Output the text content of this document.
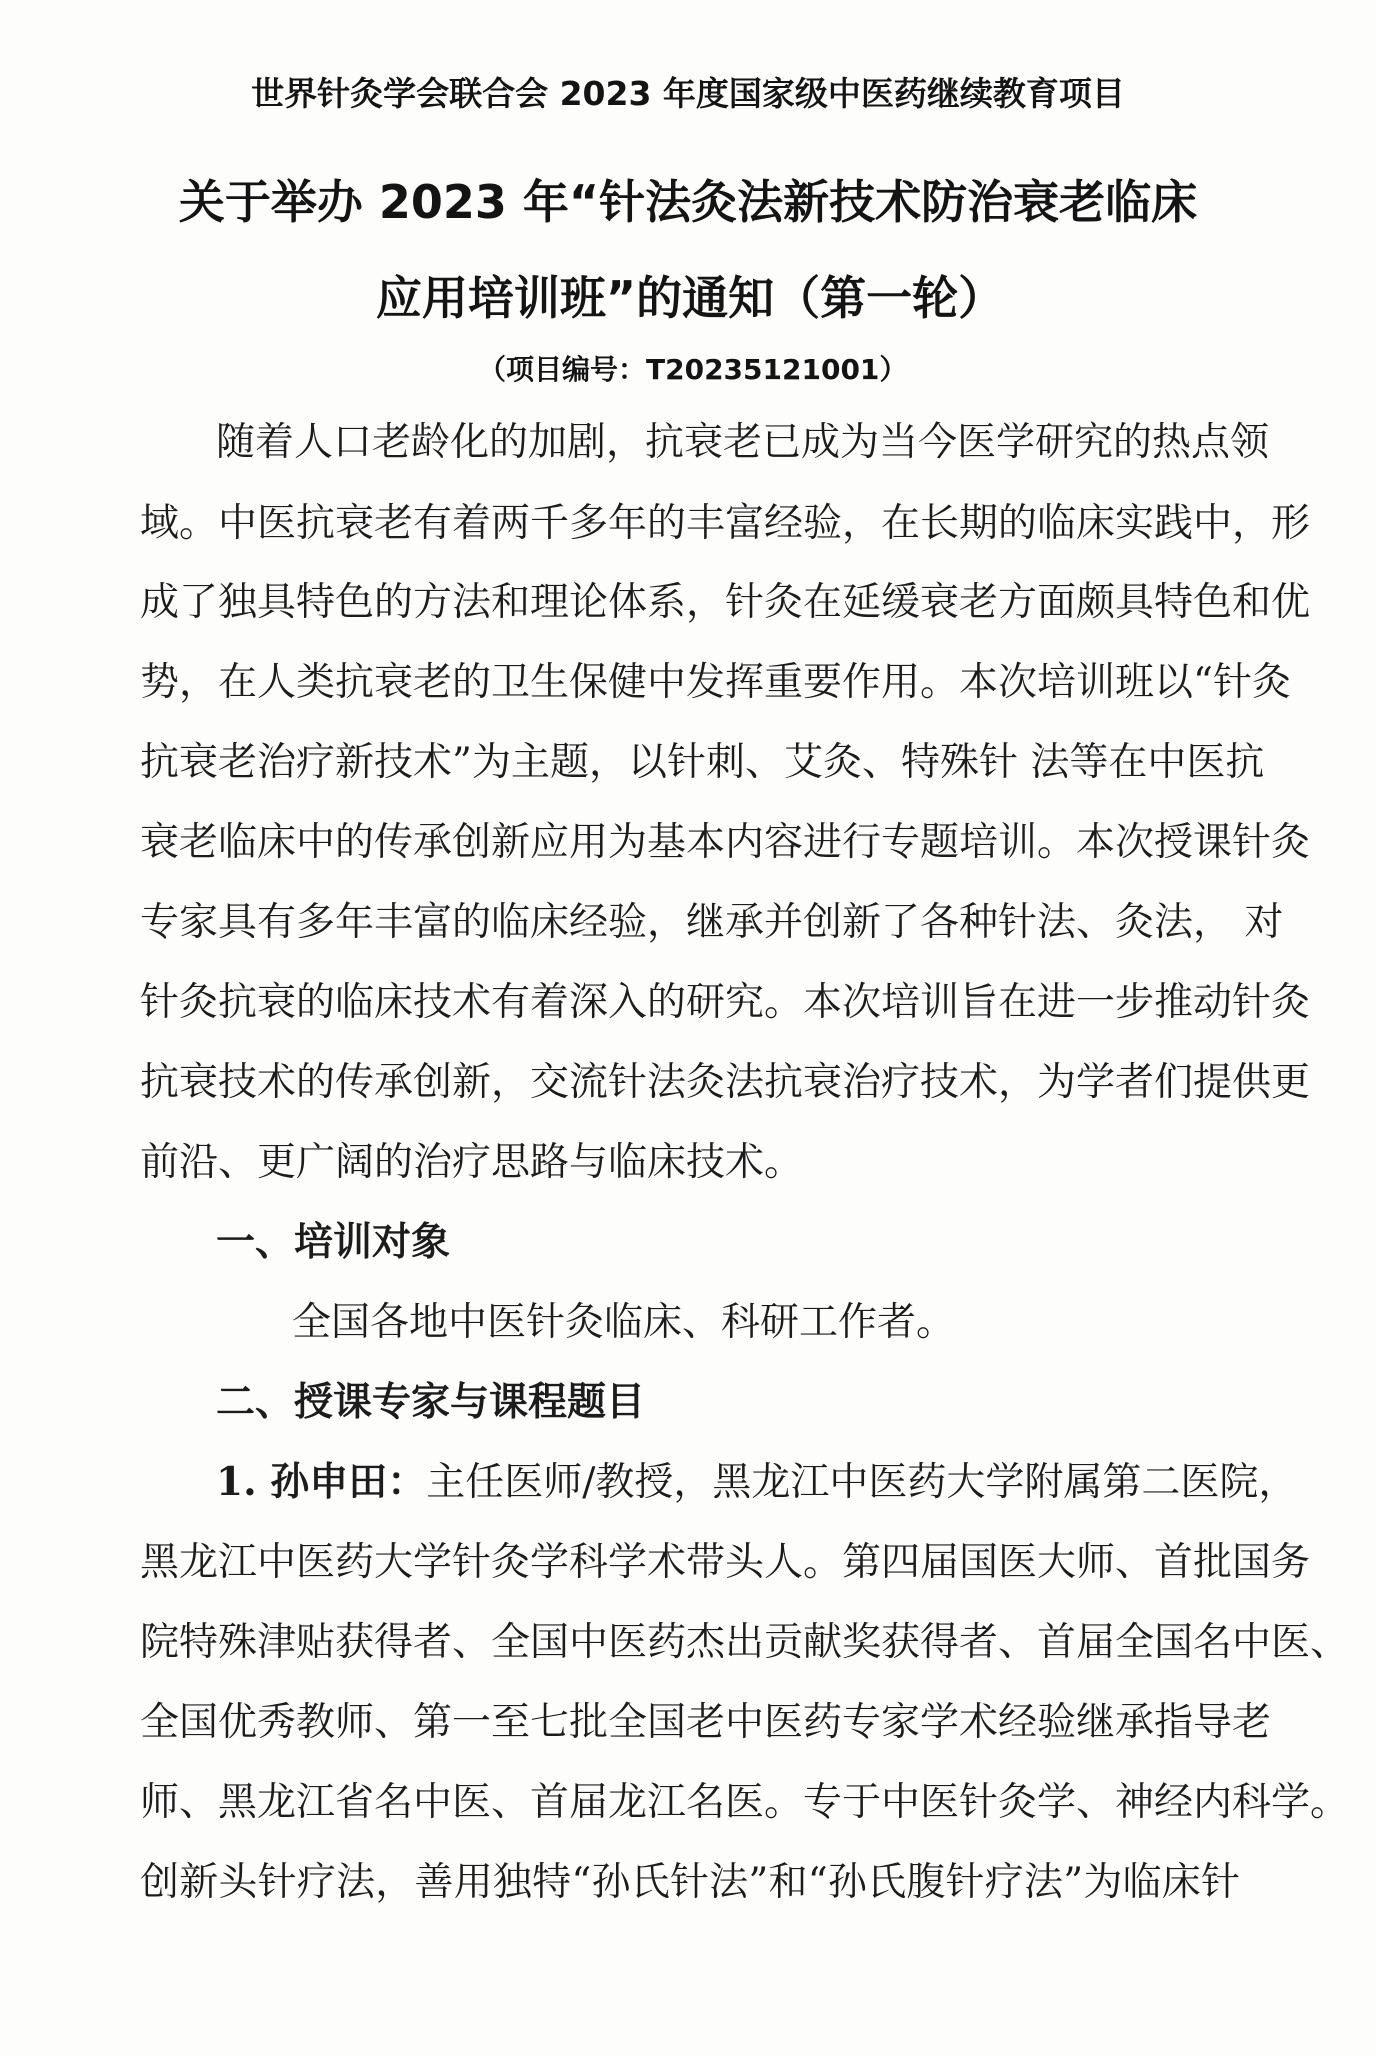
世界针灸学会联合会 2023 年度国家级中医药继续教育项目
关于举办 2023 年“针法灸法新技术防治衰老临床
应用培训班”的通知（第一轮）
（项目编号：T20235121001）
随着人口老龄化的加剧，抗衰老已成为当今医学研究的热点领
域。中医抗衰老有着两千多年的丰富经验，在长期的临床实践中，形
成了独具特色的方法和理论体系，针灸在延缓衰老方面颇具特色和优
势，在人类抗衰老的卫生保健中发挥重要作用。本次培训班以“针灸
抗衰老治疗新技术”为主题，以针刺、艾灸、特殊针 法等在中医抗
衰老临床中的传承创新应用为基本内容进行专题培训。本次授课针灸
专家具有多年丰富的临床经验，继承并创新了各种针法、灸法， 对
针灸抗衰的临床技术有着深入的研究。本次培训旨在进一步推动针灸
抗衰技术的传承创新，交流针法灸法抗衰治疗技术，为学者们提供更
前沿、更广阔的治疗思路与临床技术。
一、培训对象
全国各地中医针灸临床、科研工作者。
二、授课专家与课程题目
1. 孙申田： 主任医师/教授，黑龙江中医药大学附属第二医院，
黑龙江中医药大学针灸学科学术带头人。第四届国医大师、首批国务
院特殊津贴获得者、全国中医药杰出贡献奖获得者、首届全国名中医、
全国优秀教师、第一至七批全国老中医药专家学术经验继承指导老
师、黑龙江省名中医、首届龙江名医。专于中医针灸学、神经内科学。
创新头针疗法，善用独特“孙氏针法”和“孙氏腹针疗法”为临床针
